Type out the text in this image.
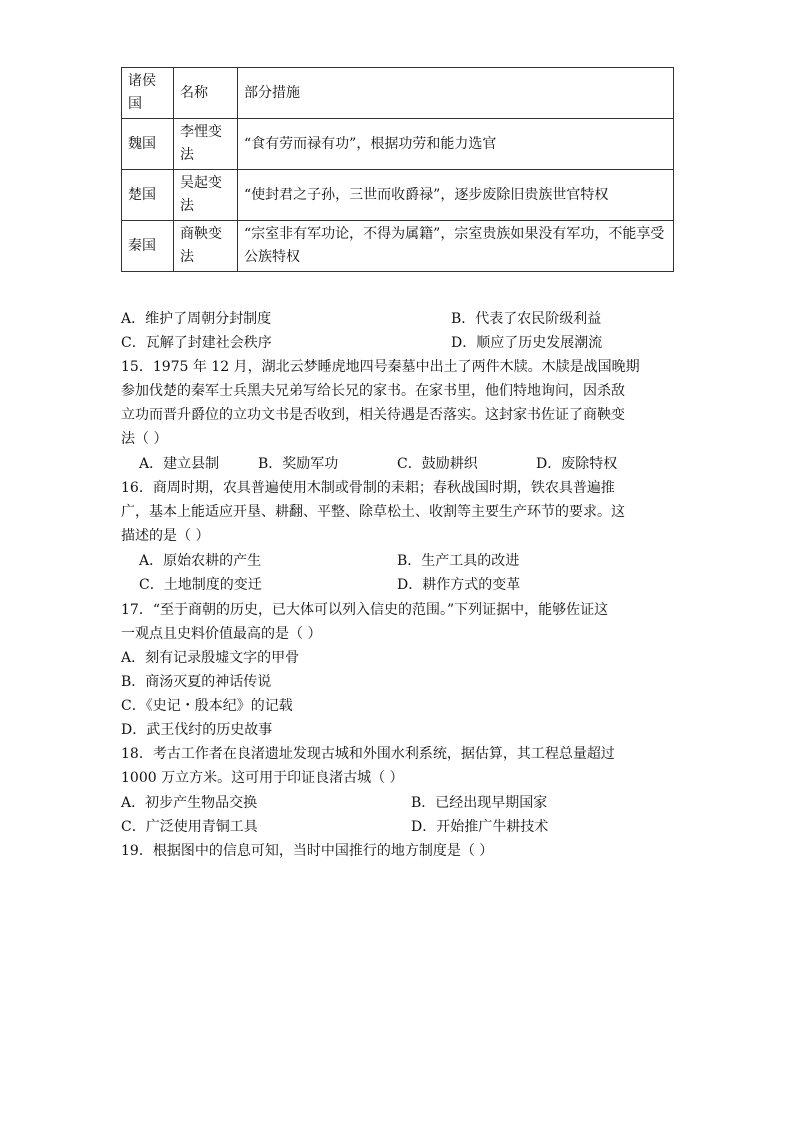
诸侯国	名称	部分措施
魏国	李悝变法	“食有劳而禄有功”，根据功劳和能力选官
楚国	吴起变法	“使封君之子孙，三世而收爵禄”，逐步废除旧贵族世官特权
秦国	商鞅变法	“宗室非有军功论，不得为属籍”，宗室贵族如果没有军功，不能享受公族特权
A．维护了周朝分封制度	B．代表了农民阶级利益
C．瓦解了封建社会秩序	D．顺应了历史发展潮流
15．1975 年 12 月，湖北云梦睡虎地四号秦墓中出土了两件木牍。木牍是战国晚期
参加伐楚的秦军士兵黑夫兄弟写给长兄的家书。在家书里，他们特地询问，因杀敌
立功而晋升爵位的立功文书是否收到，相关待遇是否落实。这封家书佐证了商鞅变
法（ ）
A．建立县制	B．奖励军功	C．鼓励耕织	D．废除特权
16．商周时期，农具普遍使用木制或骨制的耒耜；春秋战国时期，铁农具普遍推
广，基本上能适应开垦、耕翻、平整、除草松土、收割等主要生产环节的要求。这
描述的是（ ）
A．原始农耕的产生	B．生产工具的改进
C．土地制度的变迁	D．耕作方式的变革
17．“至于商朝的历史，已大体可以列入信史的范围。”下列证据中，能够佐证这
一观点且史料价值最高的是（ ）
A．刻有记录殷墟文字的甲骨
B．商汤灭夏的神话传说
C．《史记・殷本纪》的记载
D．武王伐纣的历史故事
18．考古工作者在良渚遗址发现古城和外围水利系统，据估算，其工程总量超过
1000 万立方米。这可用于印证良渚古城（ ）
A．初步产生物品交换	B．已经出现早期国家
C．广泛使用青铜工具	D．开始推广牛耕技术
19．根据图中的信息可知，当时中国推行的地方制度是（ ）
